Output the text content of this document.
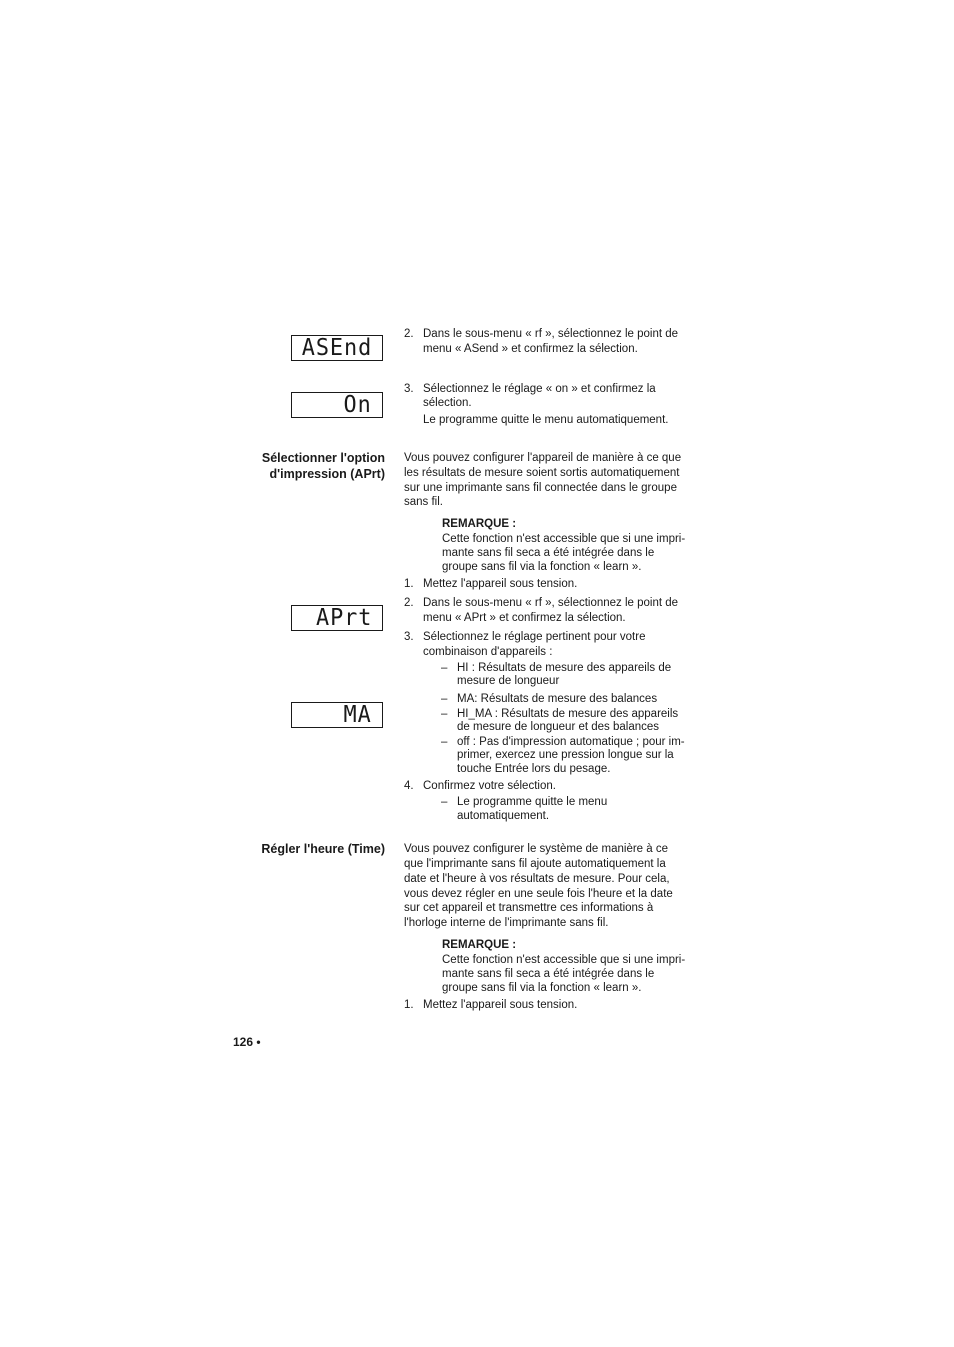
ASEnd
On
APrt
MA
2. Dans le sous-menu « rf », sélectionnez le point de
menu « ASend » et confirmez la sélection.
3. Sélectionnez le réglage « on » et confirmez la
sélection.
Le programme quitte le menu automatiquement.
Sélectionner l'option
d'impression (APrt)
Vous pouvez configurer l'appareil de manière à ce que
les résultats de mesure soient sortis automatiquement
sur une imprimante sans fil connectée dans le groupe
sans fil.
REMARQUE :
Cette fonction n'est accessible que si une impri-
mante sans fil seca a été intégrée dans le
groupe sans fil via la fonction « learn ».
1. Mettez l'appareil sous tension.
2. Dans le sous-menu « rf », sélectionnez le point de
menu « APrt » et confirmez la sélection.
3. Sélectionnez le réglage pertinent pour votre
combinaison d'appareils :
– HI : Résultats de mesure des appareils de
mesure de longueur
– MA: Résultats de mesure des balances
– HI_MA : Résultats de mesure des appareils
de mesure de longueur et des balances
– off : Pas d'impression automatique ; pour im-
primer, exercez une pression longue sur la
touche Entrée lors du pesage.
4. Confirmez votre sélection.
– Le programme quitte le menu
automatiquement.
Régler l'heure (Time) Vous pouvez configurer le système de manière à ce
que l'imprimante sans fil ajoute automatiquement la
date et l'heure à vos résultats de mesure. Pour cela,
vous devez régler en une seule fois l'heure et la date
sur cet appareil et transmettre ces informations à
l'horloge interne de l'imprimante sans fil.
REMARQUE :
Cette fonction n'est accessible que si une impri-
mante sans fil seca a été intégrée dans le
groupe sans fil via la fonction « learn ».
1. Mettez l'appareil sous tension.
126 •
